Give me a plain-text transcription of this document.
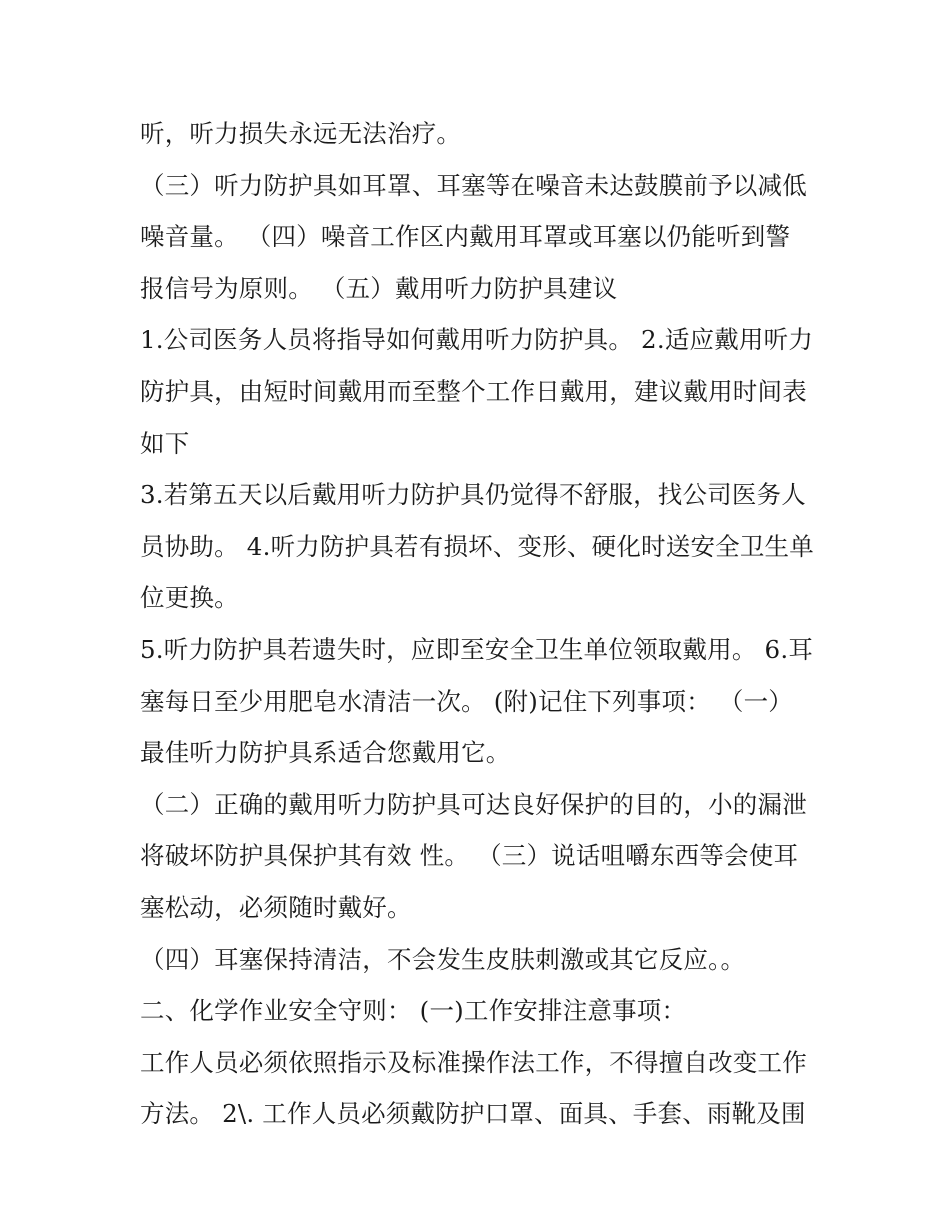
听，听力损失永远无法治疗。
（三）听力防护具如耳罩、耳塞等在噪音未达鼓膜前予以减低
噪音量。 （四）噪音工作区内戴用耳罩或耳塞以仍能听到警
报信号为原则。 （五）戴用听力防护具建议
1.公司医务人员将指导如何戴用听力防护具。 2.适应戴用听力
防护具，由短时间戴用而至整个工作日戴用，建议戴用时间表
如下
3.若第五天以后戴用听力防护具仍觉得不舒服，找公司医务人
员协助。 4.听力防护具若有损坏、变形、硬化时送安全卫生单
位更换。
5.听力防护具若遗失时，应即至安全卫生单位领取戴用。 6.耳
塞每日至少用肥皂水清洁一次。 (附)记住下列事项： （一）
最佳听力防护具系适合您戴用它。
（二）正确的戴用听力防护具可达良好保护的目的，小的漏泄
将破坏防护具保护其有效 性。 （三）说话咀嚼东西等会使耳
塞松动，必须随时戴好。
（四）耳塞保持清洁，不会发生皮肤刺激或其它反应。。
二、化学作业安全守则： (一)工作安排注意事项：
工作人员必须依照指示及标准操作法工作，不得擅自改变工作
方法。 2\. 工作人员必须戴防护口罩、面具、手套、雨靴及围
